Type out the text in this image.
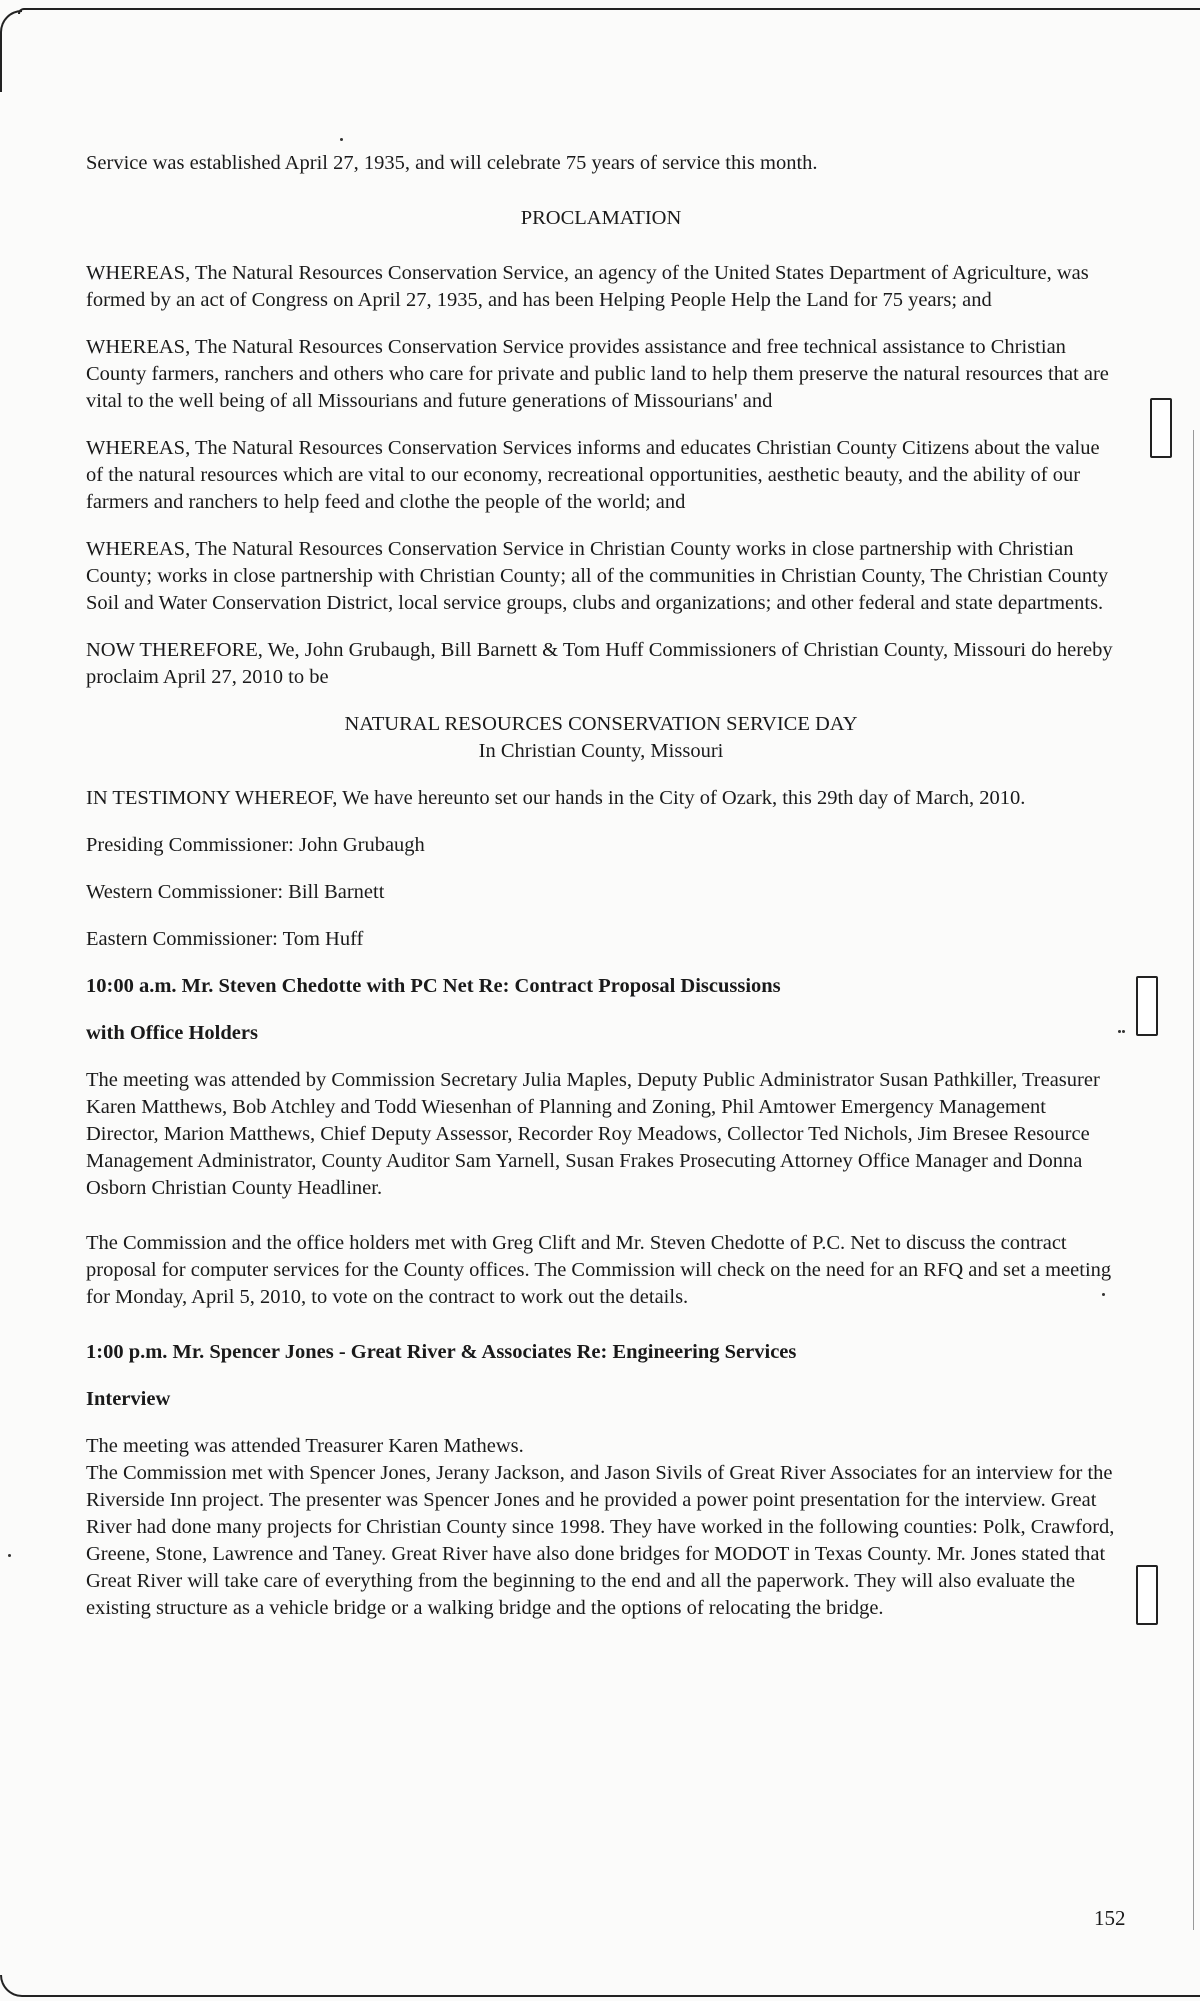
Service was established April 27, 1935, and will celebrate 75 years of service this month.

PROCLAMATION

WHEREAS, The Natural Resources Conservation Service, an agency of the United States Department of Agriculture, was formed by an act of Congress on April 27, 1935, and has been Helping People Help the Land for 75 years; and

WHEREAS, The Natural Resources Conservation Service provides assistance and free technical assistance to Christian County farmers, ranchers and others who care for private and public land to help them preserve the natural resources that are vital to the well being of all Missourians and future generations of Missourians' and

WHEREAS, The Natural Resources Conservation Services informs and educates Christian County Citizens about the value of the natural resources which are vital to our economy, recreational opportunities, aesthetic beauty, and the ability of our farmers and ranchers to help feed and clothe the people of the world; and

WHEREAS, The Natural Resources Conservation Service in Christian County works in close partnership with Christian County; works in close partnership with Christian County; all of the communities in Christian County, The Christian County Soil and Water Conservation District, local service groups, clubs and organizations; and other federal and state departments.

NOW THEREFORE, We, John Grubaugh, Bill Barnett & Tom Huff Commissioners of Christian County, Missouri do hereby proclaim April 27, 2010 to be

NATURAL RESOURCES CONSERVATION SERVICE DAY

In Christian County, Missouri

IN TESTIMONY WHEREOF, We have hereunto set our hands in the City of Ozark, this 29th day of March, 2010.

Presiding Commissioner: John Grubaugh

Western Commissioner: Bill Barnett

Eastern Commissioner: Tom Huff

10:00 a.m. Mr. Steven Chedotte with PC Net Re: Contract Proposal Discussions

with Office Holders

The meeting was attended by Commission Secretary Julia Maples, Deputy Public Administrator Susan Pathkiller, Treasurer Karen Matthews, Bob Atchley and Todd Wiesenhan of Planning and Zoning, Phil Amtower Emergency Management Director, Marion Matthews, Chief Deputy Assessor, Recorder Roy Meadows, Collector Ted Nichols, Jim Bresee Resource Management Administrator, County Auditor Sam Yarnell, Susan Frakes Prosecuting Attorney Office Manager and Donna Osborn Christian County Headliner.

The Commission and the office holders met with Greg Clift and Mr. Steven Chedotte of P.C. Net to discuss the contract proposal for computer services for the County offices. The Commission will check on the need for an RFQ and set a meeting for Monday, April 5, 2010, to vote on the contract to work out the details.

1:00 p.m. Mr. Spencer Jones - Great River & Associates Re: Engineering Services

Interview

The meeting was attended Treasurer Karen Mathews.

The Commission met with Spencer Jones, Jerany Jackson, and Jason Sivils of Great River Associates for an interview for the Riverside Inn project. The presenter was Spencer Jones and he provided a power point presentation for the interview. Great River had done many projects for Christian County since 1998. They have worked in the following counties: Polk, Crawford, Greene, Stone, Lawrence and Taney. Great River have also done bridges for MODOT in Texas County. Mr. Jones stated that Great River will take care of everything from the beginning to the end and all the paperwork. They will also evaluate the existing structure as a vehicle bridge or a walking bridge and the options of relocating the bridge.

152
